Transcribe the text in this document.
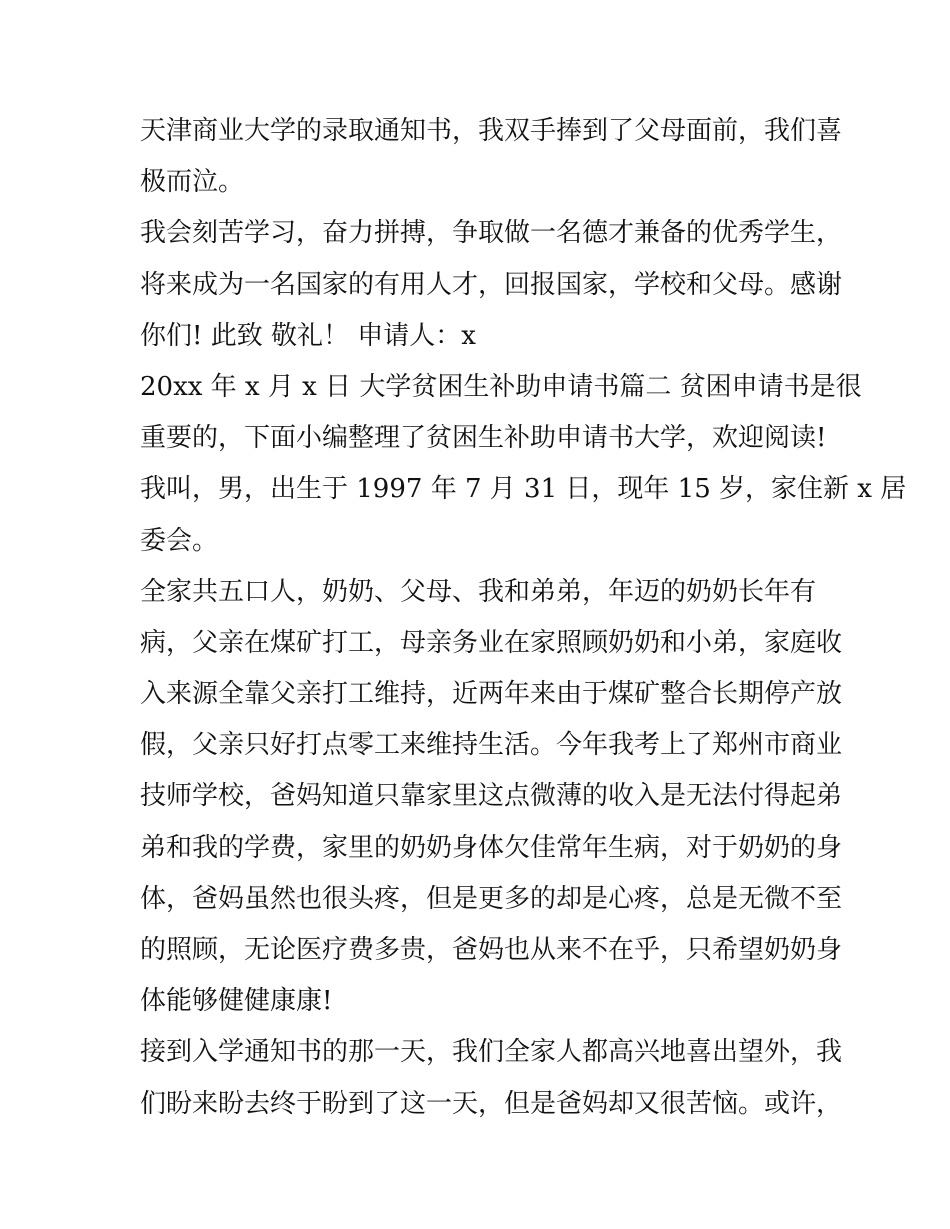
天津商业大学的录取通知书，我双手捧到了父母面前，我们喜
极而泣。
我会刻苦学习，奋力拼搏，争取做一名德才兼备的优秀学生，
将来成为一名国家的有用人才，回报国家，学校和父母。感谢
你们! 此致 敬礼！ 申请人：x
20xx 年 x 月 x 日 大学贫困生补助申请书篇二 贫困申请书是很
重要的，下面小编整理了贫困生补助申请书大学，欢迎阅读!
我叫，男，出生于 1997 年 7 月 31 日，现年 15 岁，家住新 x 居
委会。
全家共五口人，奶奶、父母、我和弟弟，年迈的奶奶长年有
病，父亲在煤矿打工，母亲务业在家照顾奶奶和小弟，家庭收
入来源全靠父亲打工维持，近两年来由于煤矿整合长期停产放
假，父亲只好打点零工来维持生活。今年我考上了郑州市商业
技师学校，爸妈知道只靠家里这点微薄的收入是无法付得起弟
弟和我的学费，家里的奶奶身体欠佳常年生病，对于奶奶的身
体，爸妈虽然也很头疼，但是更多的却是心疼，总是无微不至
的照顾，无论医疗费多贵，爸妈也从来不在乎，只希望奶奶身
体能够健健康康!
接到入学通知书的那一天，我们全家人都高兴地喜出望外，我
们盼来盼去终于盼到了这一天，但是爸妈却又很苦恼。或许，
